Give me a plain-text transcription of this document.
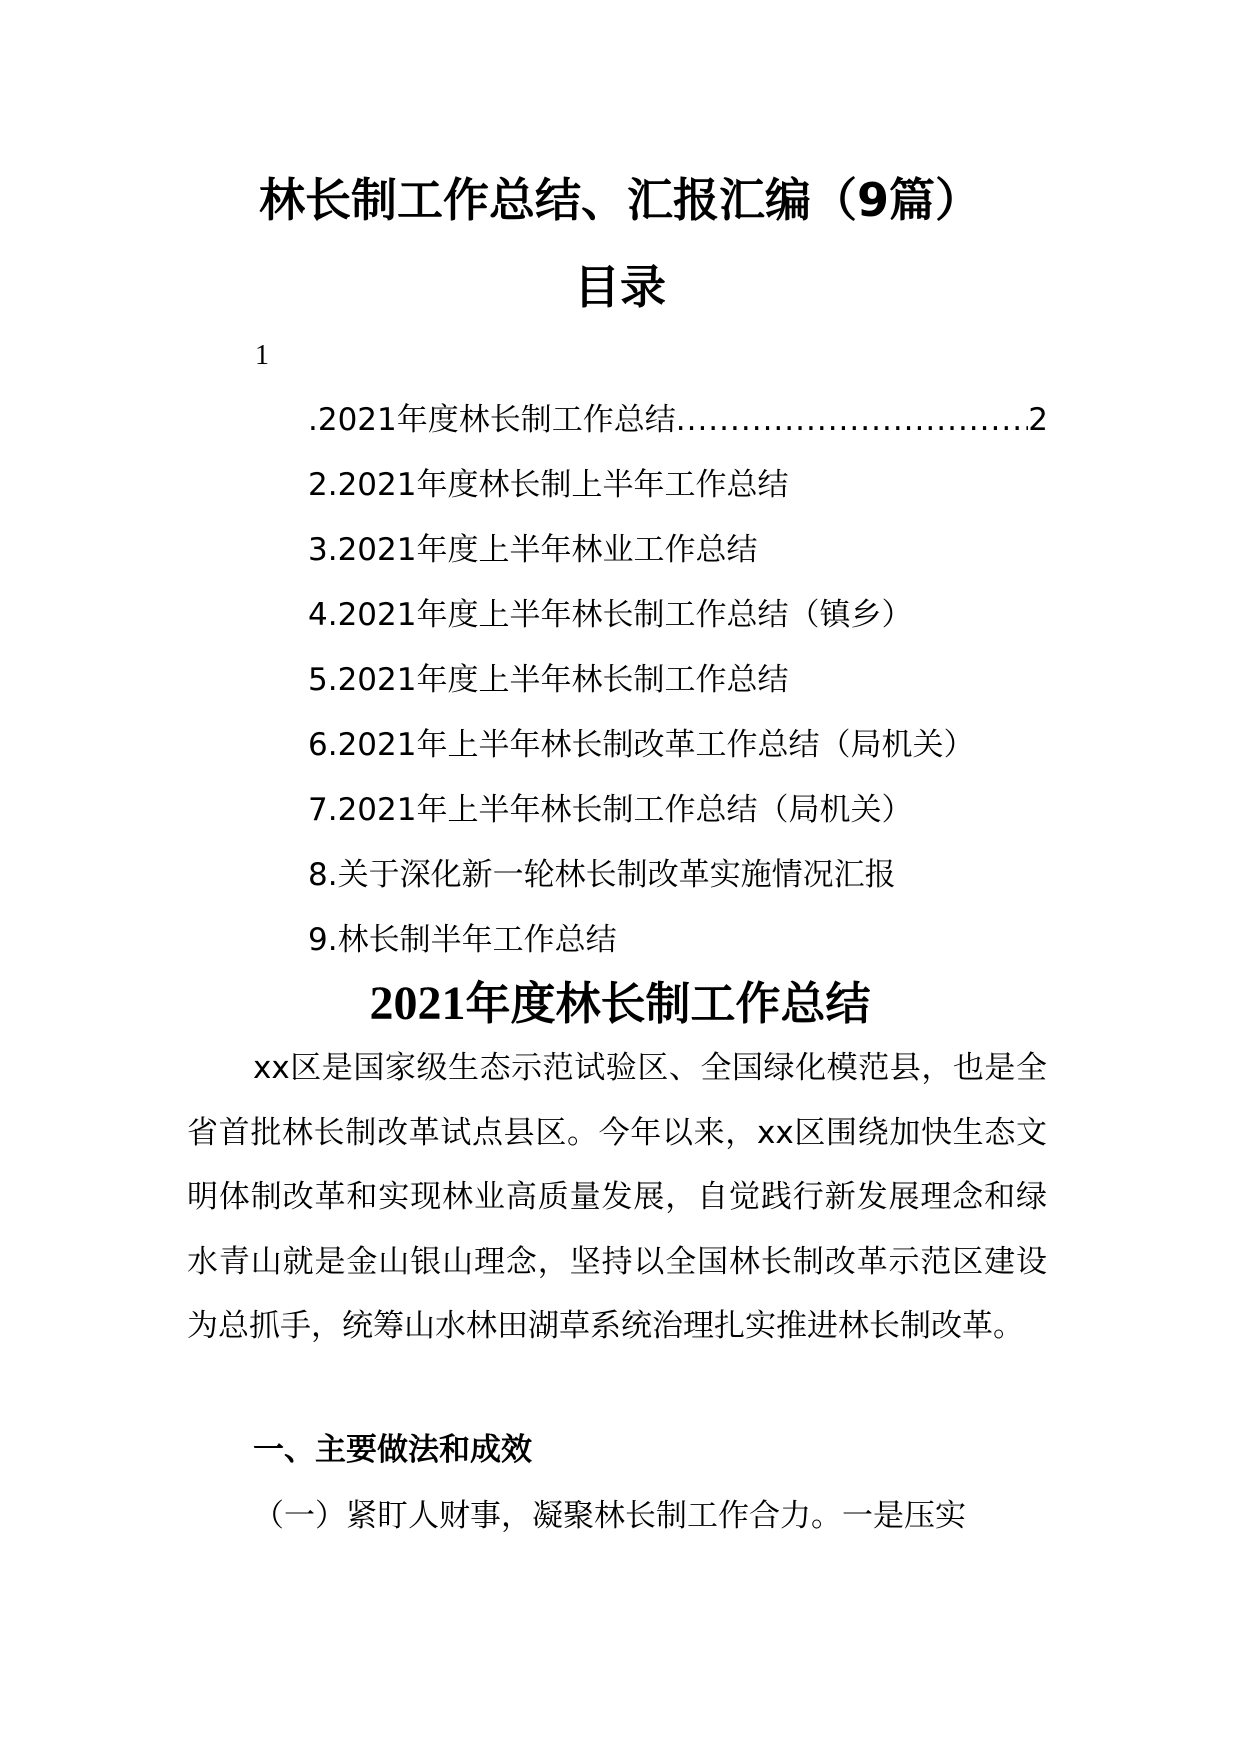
林长制工作总结、汇报汇编（9篇）
目录
1
.2021年度林长制工作总结
.....	2
2.2021年度林长制上半年工作总结
3.2021年度上半年林业工作总结
4.2021年度上半年林长制工作总结（镇乡）
5.2021年度上半年林长制工作总结
6.2021年上半年林长制改革工作总结（局机关）
7.2021年上半年林长制工作总结（局机关）
8.关于深化新一轮林长制改革实施情况汇报
9.林长制半年工作总结
2021年度林长制工作总结

xx区是国家级生态示范试验区、全国绿化模范县，也是全省首批林长制改革试点县区。今年以来，xx区围绕加快生态文明体制改革和实现林业高质量发展，自觉践行新发展理念和绿水青山就是金山银山理念，坚持以全国林长制改革示范区建设为总抓手，统筹山水林田湖草系统治理扎实推进林长制改革。

一、主要做法和成效

（一）紧盯人财事，凝聚林长制工作合力。一是压实
